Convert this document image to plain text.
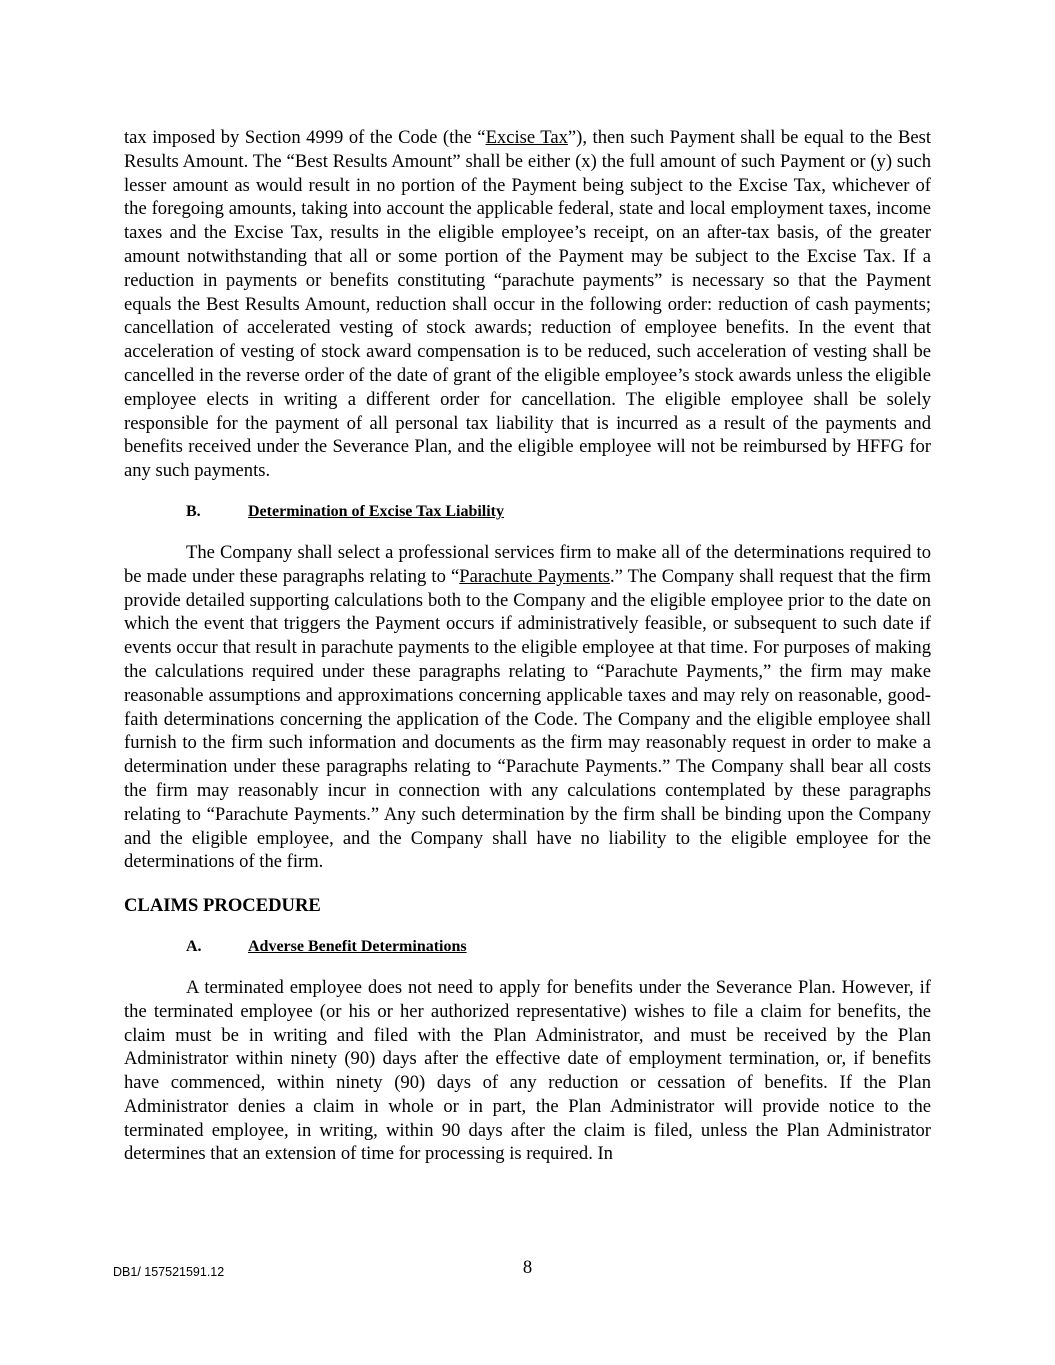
tax imposed by Section 4999 of the Code (the “Excise Tax”), then such Payment shall be equal to the Best Results Amount. The “Best Results Amount” shall be either (x) the full amount of such Payment or (y) such lesser amount as would result in no portion of the Payment being subject to the Excise Tax, whichever of the foregoing amounts, taking into account the applicable federal, state and local employment taxes, income taxes and the Excise Tax, results in the eligible employee’s receipt, on an after-tax basis, of the greater amount notwithstanding that all or some portion of the Payment may be subject to the Excise Tax. If a reduction in payments or benefits constituting “parachute payments” is necessary so that the Payment equals the Best Results Amount, reduction shall occur in the following order: reduction of cash payments; cancellation of accelerated vesting of stock awards; reduction of employee benefits. In the event that acceleration of vesting of stock award compensation is to be reduced, such acceleration of vesting shall be cancelled in the reverse order of the date of grant of the eligible employee’s stock awards unless the eligible employee elects in writing a different order for cancellation. The eligible employee shall be solely responsible for the payment of all personal tax liability that is incurred as a result of the payments and benefits received under the Severance Plan, and the eligible employee will not be reimbursed by HFFG for any such payments.

B.	Determination of Excise Tax Liability

The Company shall select a professional services firm to make all of the determinations required to be made under these paragraphs relating to “Parachute Payments.” The Company shall request that the firm provide detailed supporting calculations both to the Company and the eligible employee prior to the date on which the event that triggers the Payment occurs if administratively feasible, or subsequent to such date if events occur that result in parachute payments to the eligible employee at that time. For purposes of making the calculations required under these paragraphs relating to “Parachute Payments,” the firm may make reasonable assumptions and approximations concerning applicable taxes and may rely on reasonable, good-faith determinations concerning the application of the Code. The Company and the eligible employee shall furnish to the firm such information and documents as the firm may reasonably request in order to make a determination under these paragraphs relating to “Parachute Payments.” The Company shall bear all costs the firm may reasonably incur in connection with any calculations contemplated by these paragraphs relating to “Parachute Payments.” Any such determination by the firm shall be binding upon the Company and the eligible employee, and the Company shall have no liability to the eligible employee for the determinations of the firm.

CLAIMS PROCEDURE
A.	Adverse Benefit Determinations

A terminated employee does not need to apply for benefits under the Severance Plan. However, if the terminated employee (or his or her authorized representative) wishes to file a claim for benefits, the claim must be in writing and filed with the Plan Administrator, and must be received by the Plan Administrator within ninety (90) days after the effective date of employment termination, or, if benefits have commenced, within ninety (90) days of any reduction or cessation of benefits. If the Plan Administrator denies a claim in whole or in part, the Plan Administrator will provide notice to the terminated employee, in writing, within 90 days after the claim is filed, unless the Plan Administrator determines that an extension of time for processing is required. In

DB1/ 157521591.12	8
